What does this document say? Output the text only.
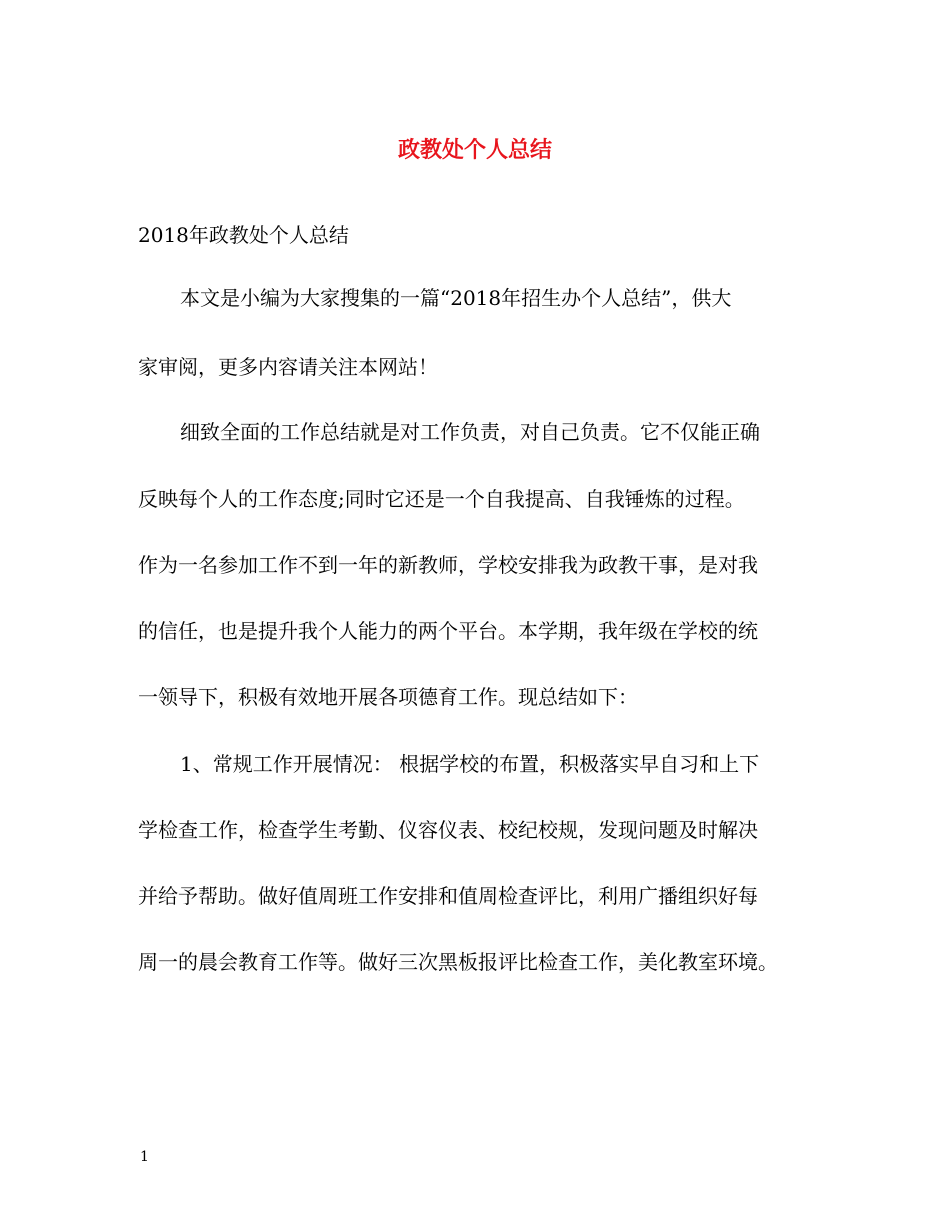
政教处个人总结
2018年政教处个人总结
本文是小编为大家搜集的一篇“2018年招生办个人总结”，供大
家审阅，更多内容请关注本网站！
细致全面的工作总结就是对工作负责，对自己负责。它不仅能正确
反映每个人的工作态度;同时它还是一个自我提高、自我锤炼的过程。
作为一名参加工作不到一年的新教师，学校安排我为政教干事，是对我
的信任，也是提升我个人能力的两个平台。本学期，我年级在学校的统
一领导下，积极有效地开展各项德育工作。现总结如下：
1、常规工作开展情况： 根据学校的布置，积极落实早自习和上下
学检查工作，检查学生考勤、仪容仪表、校纪校规，发现问题及时解决
并给予帮助。做好值周班工作安排和值周检查评比，利用广播组织好每
周一的晨会教育工作等。做好三次黑板报评比检查工作，美化教室环境。
1
